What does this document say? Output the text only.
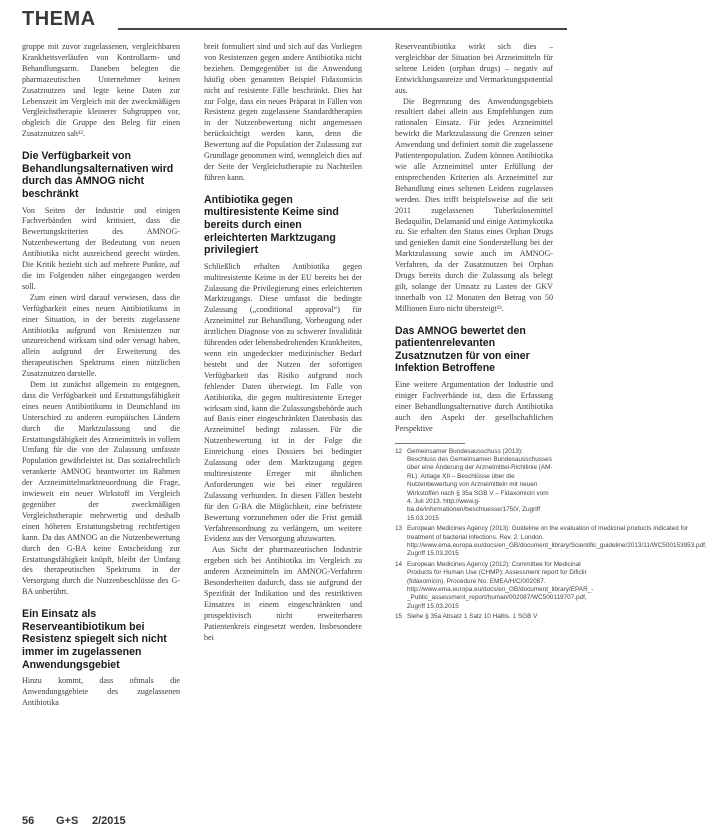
THEMA

gruppe mit zuvor zugelassenen, vergleichbaren Krankheitsverläufen von Kontrollarm- und Behandlungsarm. Daneben belegten die pharmazeutischen Unternehmer keinen Zusatznutzen und legte keine Daten zur Lebenszeit im Vergleich mit der zweckmäßigen Vergleichstherapie kleinerer Subgruppen vor, obgleich die Gruppe den Beleg für einen Zusatznutzen sah¹².

Die Verfügbarkeit von Behandlungsalternativen wird durch das AMNOG nicht beschränkt

Von Seiten der Industrie und einigen Fachverbänden wird kritisiert, dass die Bewertungskriterien des AMNOG-Nutzenbewertung der Bedeutung von neuen Antibiotika nicht ausreichend gerecht würden. Die Kritik bezieht sich auf mehrere Punkte, auf die im Folgenden näher eingegangen werden soll.

Zum einen wird darauf verwiesen, dass die Verfügbarkeit eines neuen Antibiotikums in einer Situation, in der bereits zugelassene Antibiotika aufgrund von Resistenzen nur unzureichend wirksam sind oder versagt haben, allein aufgrund der Erweiterung des therapeutischen Spektrums einen nützlichen Zusatznutzen darstelle.

Dem ist zunächst allgemein zu entgegnen, dass die Verfügbarkeit und Erstattungsfähigkeit eines neuen Antibiotikums in Deutschland im Unterschied zu anderen europäischen Ländern durch die Marktzulassung und die Erstattungsfähigkeit des Arzneimittels in vollem Umfang für die von der Zulassung umfasste Population gewährleistet ist. Das sozialrechtlich verankerte AMNOG beantwortet im Rahmen der Arzneimittelmarktneuordnung die Frage, inwieweit ein neuer Wirkstoff im Vergleich gegenüber der zweckmäßigen Vergleichstherapie mehrwertig und deshalb einen höheren Erstattungsbetrag rechtfertigen kann. Da das AMNOG an die Nutzenbewertung durch den G-BA keine Entscheidung zur Erstattungsfähigkeit knüpft, bleibt der Umfang des therapeutischen Spektrums in der Versorgung durch die Nutzenbeschlüsse des G-BA unberührt.

Ein Einsatz als Reserveantibiotikum bei Resistenz spiegelt sich nicht immer im zugelassenen Anwendungsgebiet

Hinzu kommt, dass oftmals die Anwendungsgebiete des zugelassenen Antibiotika

breit formuliert sind und sich auf das Vorliegen von Resistenzen gegen andere Antibiotika nicht beziehen. Demgegenüber ist die Anwendung häufig oben genannten Beispiel Fidaxomicin nicht auf resistente Fälle beschränkt. Dies hat zur Folge, dass ein neues Präparat in Fällen von Resistenz gegen zugelassene Standardtherapien in der Nutzenbewertung nicht angemessen berücksichtigt werden kann, denn die Bewertung auf die Population der Zulassung zur Grundlage genommen wird, wenngleich dies auf der Seite der Vergleichstherapie zu Nachteilen führen kann.

Antibiotika gegen multiresistente Keime sind bereits durch einen erleichterten Marktzugang privilegiert

Schließlich erhalten Antibiotika gegen multiresistente Keime in der EU bereits bei der Zulassung die Privilegierung eines erleichterten Marktzugangs. Diese umfasst die bedingte Zulassung („conditional approval“) für Arzneimittel zur Behandlung, Vorbeugung oder ärztlichen Diagnose von zu schwerer Invalidität führenden oder lebensbedrohenden Krankheiten, wenn ein ungedeckter medizinischer Bedarf besteht und der Nutzen der sofortigen Verfügbarkeit das Risiko aufgrund noch fehlender Daten überwiegt. Im Falle von Antibiotika, die gegen multiresistente Erreger wirksam sind, kann die Zulassungsbehörde auch auf Basis einer eingeschränkten Datenbasis das Arzneimittel bedingt zulassen. Für die Nutzenbewertung ist in der Folge die Einreichung eines Dossiers bei bedingter Zulassung oder dem Marktzugang gegen multiresistente Erreger mit ähnlichen Anforderungen wie bei einer regulären Zulassung verbunden. In diesen Fällen besteht für den G-BA die Möglichkeit, eine befristete Bewertung vorzunehmen oder die Frist gemäß Verfahrensordnung zu verlängern, um weitere Evidenz aus der Versorgung abzuwarten.

Aus Sicht der pharmazeutischen Industrie ergeben sich bei Antibiotika im Vergleich zu anderen Arzneimitteln im AMNOG-Verfahren Besonderheiten dadurch, dass sie aufgrund der Spezifität der Indikation und des restriktiven Einsatzes in einem eingeschränkten und prospektivisch nicht erweiterbaren Patientenkreis eingesetzt werden. Insbesondere bei

Reserveantibiotika wirkt sich dies – vergleichbar der Situation bei Arzneimitteln für seltene Leiden (orphan drugs) – negativ auf Entwicklungsanreize und Vermarktungspotential aus.

Die Begrenzung des Anwendungsgebiets resultiert dabei allein aus Empfehlungen zum rationalen Einsatz. Für jedes Arzneimittel bewirkt die Marktzulassung die Grenzen seiner Anwendung und definiert somit die zugelassene Patientenpopulation. Zudem können Antibiotika wie alle Arzneimittel unter Erfüllung der entsprechenden Kriterien als Arzneimittel zur Behandlung eines seltenen Leidens zugelassen werden. Dies trifft beispielsweise auf die seit 2011 zugelassenen Tuberkulosemittel Bedaquilin, Delamanid und einige Antimykotika zu. Sie erhalten den Status eines Orphan Drugs und genießen damit eine Sonderstellung bei der Marktzulassung sowie auch im AMNOG-Verfahren, da der Zusatznutzen bei Orphan Drugs bereits durch die Zulassung als belegt gilt, solange der Umsatz zu Lasten der GKV innerhalb von 12 Monaten den Betrag von 50 Millionen Euro nicht übersteigt¹³.

Das AMNOG bewertet den patientenrelevanten Zusatznutzen für von einer Infektion Betroffene

Eine weitere Argumentation der Industrie und einiger Fachverbände ist, dass die Erfassung einer Behandlungsalternative durch Antibiotika auch den Aspekt der gesellschaftlichen Perspektive

12 Gemeinsamer Bundesausschuss (2013): Beschluss des Gemeinsamen Bundesausschusses über eine Änderung der Arzneimittel-Richtlinie (AM-RL): Anlage XII – Beschlüsse über die Nutzenbewertung von Arzneimitteln mit neuen Wirkstoffen nach § 35a SGB V – Fidaxomicin vom 4. Juli 2013. http://www.g-ba.de/informationen/beschluesse/1750/, Zugriff 15.03.2015
13 European Medicines Agency (2013): Guideline on the evaluation of medicinal products indicated for treatment of bacterial infections. Rev. 2. London. http://www.ema.europa.eu/docs/en_GB/document_library/Scientific_guideline/2013/11/WC500153953.pdf, Zugriff 15.03.2015
14 European Medicines Agency (2012): Committee for Medicinal Products for Human Use (CHMP): Assessment report for Dificlir (fidaxomicin). Procedure No. EMEA/H/C/002087. http://www.ema.europa.eu/docs/en_GB/document_library/EPAR_-_Public_assessment_report/human/002087/WC500119707.pdf, Zugriff 15.03.2015
15 Siehe § 35a Absatz 1 Satz 10 Halbs. 1 SGB V
56 G+S 2/2015
